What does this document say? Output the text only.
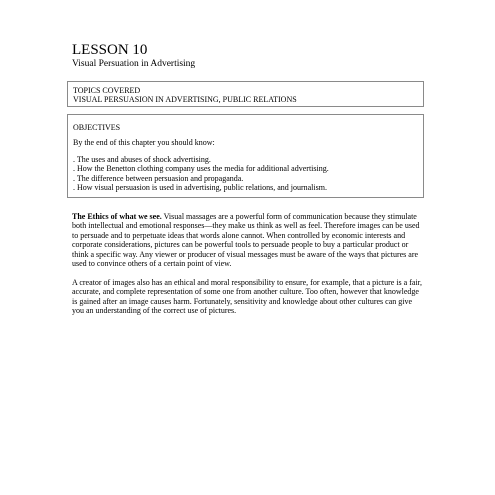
LESSON 10
Visual Persuation in Advertising
TOPICS COVERED
VISUAL PERSUASION IN ADVERTISING, PUBLIC RELATIONS
OBJECTIVES
By the end of this chapter you should know:
. The uses and abuses of shock advertising.
. How the Benetton clothing company uses the media for additional advertising.
. The difference between persuasion and propaganda.
. How visual persuasion is used in advertising, public relations, and journalism.

The Ethics of what we see. Visual massages are a powerful form of communication because they stimulate both intellectual and emotional responses—they make us think as well as feel. Therefore images can be used to persuade and to perpetuate ideas that words alone cannot. When controlled by economic interests and corporate considerations, pictures can be powerful tools to persuade people to buy a particular product or think a specific way. Any viewer or producer of visual messages must be aware of the ways that pictures are used to convince others of a certain point of view.

A creator of images also has an ethical and moral responsibility to ensure, for example, that a picture is a fair, accurate, and complete representation of some one from another culture. Too often, however that knowledge is gained after an image causes harm. Fortunately, sensitivity and knowledge about other cultures can give you an understanding of the correct use of pictures.
